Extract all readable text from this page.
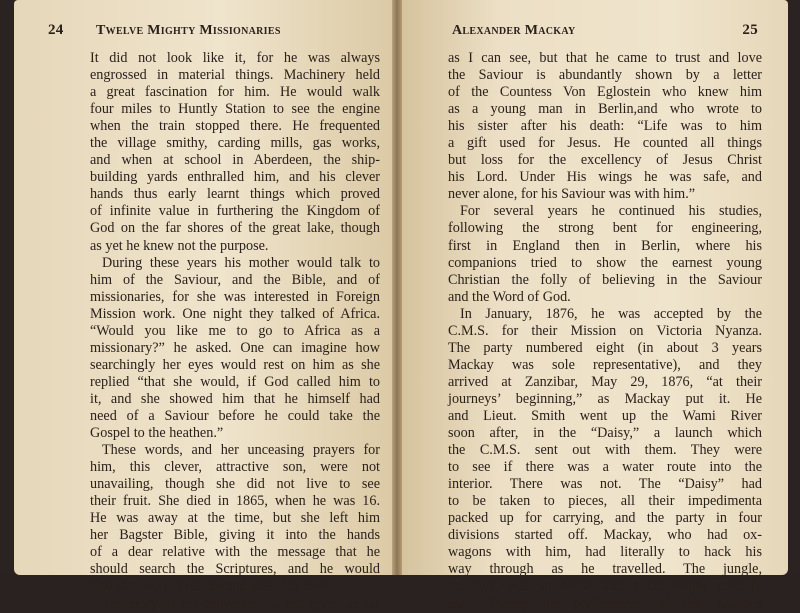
24 Twelve Mighty Missionaries
It did not look like it, for he was always
engrossed in material things. Machinery held
a great fascination for him. He would walk
four miles to Huntly Station to see the engine
when the train stopped there. He frequented
the village smithy, carding mills, gas works,
and when at school in Aberdeen, the ship-
building yards enthralled him, and his clever
hands thus early learnt things which proved
of infinite value in furthering the Kingdom of
God on the far shores of the great lake, though
as yet he knew not the purpose.
During these years his mother would talk to
him of the Saviour, and the Bible, and of
missionaries, for she was interested in Foreign
Mission work. One night they talked of Africa.
“Would you like me to go to Africa as a
missionary?” he asked. One can imagine how
searchingly her eyes would rest on him as she
replied “that she would, if God called him to
it, and she showed him that he himself had
need of a Saviour before he could take the
Gospel to the heathen.”
These words, and her unceasing prayers for
him, this clever, attractive son, were not
unavailing, though she did not live to see
their fruit. She died in 1865, when he was 16.
He was away at the time, but she left him
her Bagster Bible, giving it into the hands
of a dear relative with the message that he
should search the Scriptures, and he would
find the way to Heaven and meet her there.
The story of his conversion is not given as far
Alexander Mackay	25
as I can see, but that he came to trust and love
the Saviour is abundantly shown by a letter
of the Countess Von Eglostein who knew him
as a young man in Berlin,and who wrote to
his sister after his death: “Life was to him
a gift used for Jesus. He counted all things
but loss for the excellency of Jesus Christ
his Lord. Under His wings he was safe, and
never alone, for his Saviour was with him.”
For several years he continued his studies,
following the strong bent for engineering,
first in England then in Berlin, where his
companions tried to show the earnest young
Christian the folly of believing in the Saviour
and the Word of God.
In January, 1876, he was accepted by the
C.M.S. for their Mission on Victoria Nyanza.
The party numbered eight (in about 3 years
Mackay was sole representative), and they
arrived at Zanzibar, May 29, 1876, “at their
journeys’ beginning,” as Mackay put it. He
and Lieut. Smith went up the Wami River
soon after, in the “Daisy,” a launch which
the C.M.S. sent out with them. They were
to see if there was a water route into the
interior. There was not. The “Daisy” had
to be taken to pieces, all their impedimenta
packed up for carrying, and the party in four
divisions started off. Mackay, who had ox-
wagons with him, had literally to hack his
way through as he travelled. The jungle,
he says, was so dense that a cat might scarcely
pass. During the performance of this arduous
